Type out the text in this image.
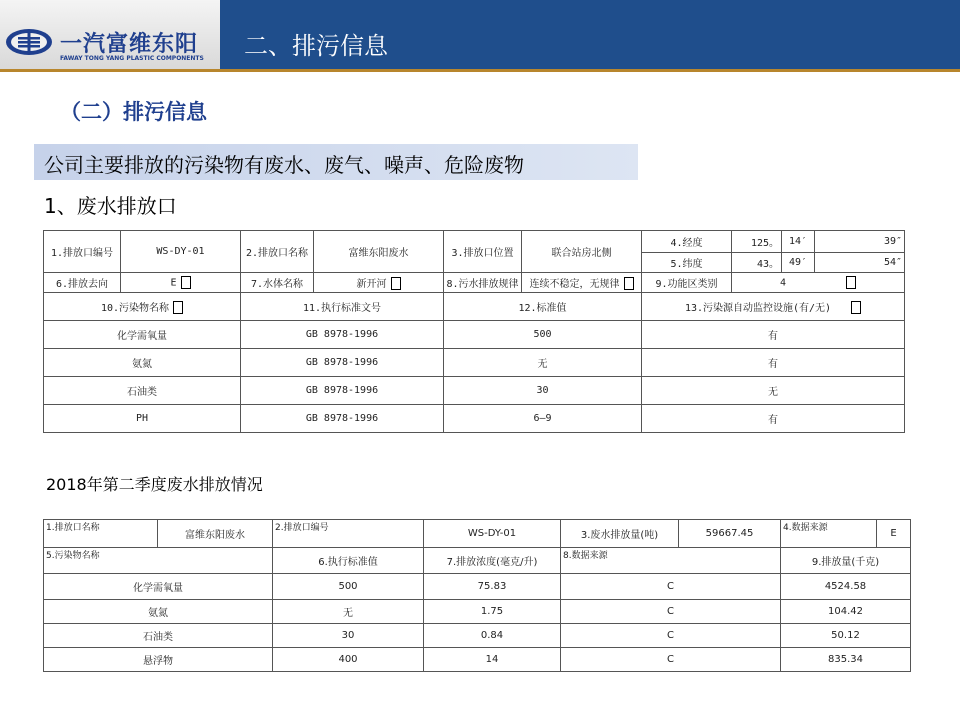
一汽富维东阳
FAWAY TONG YANG PLASTIC COMPONENTS 二、排污信息
（二）排污信息
公司主要排放的污染物有废水、废气、噪声、危险废物
1、废水排放口
1.排放口编号	WS-DY-01	2.排放口名称	富维东阳废水	3.排放口位置	联合站房北侧	4.经度	125。	14′	39″
						5.纬度	43。	49′	54″
6.排放去向	E	7.水体名称	新开河	8.污水排放规律	连续不稳定，无规律	9.功能区类别	4		
10.污染物名称		11.执行标准文号		12.标准值		13.污染源自动监控设施(有/无)			
化学需氧量		GB 8978-1996		500		有			
氨氮		GB 8978-1996		无		有			
石油类		GB 8978-1996		30		无			
PH		GB 8978-1996		6—9		有			
2018年第二季度废水排放情况
1.排放口名称	富维东阳废水	2.排放口编号	WS-DY-01	3.废水排放量(吨)	59667.45	4.数据来源	E
5.污染物名称		6.执行标准值	7.排放浓度(毫克/升)	8.数据来源		9.排放量(千克)	
化学需氧量		500	75.83	C		4524.58	
氨氮		无	1.75	C		104.42	
石油类		30	0.84	C		50.12	
悬浮物		400	14	C		835.34	
